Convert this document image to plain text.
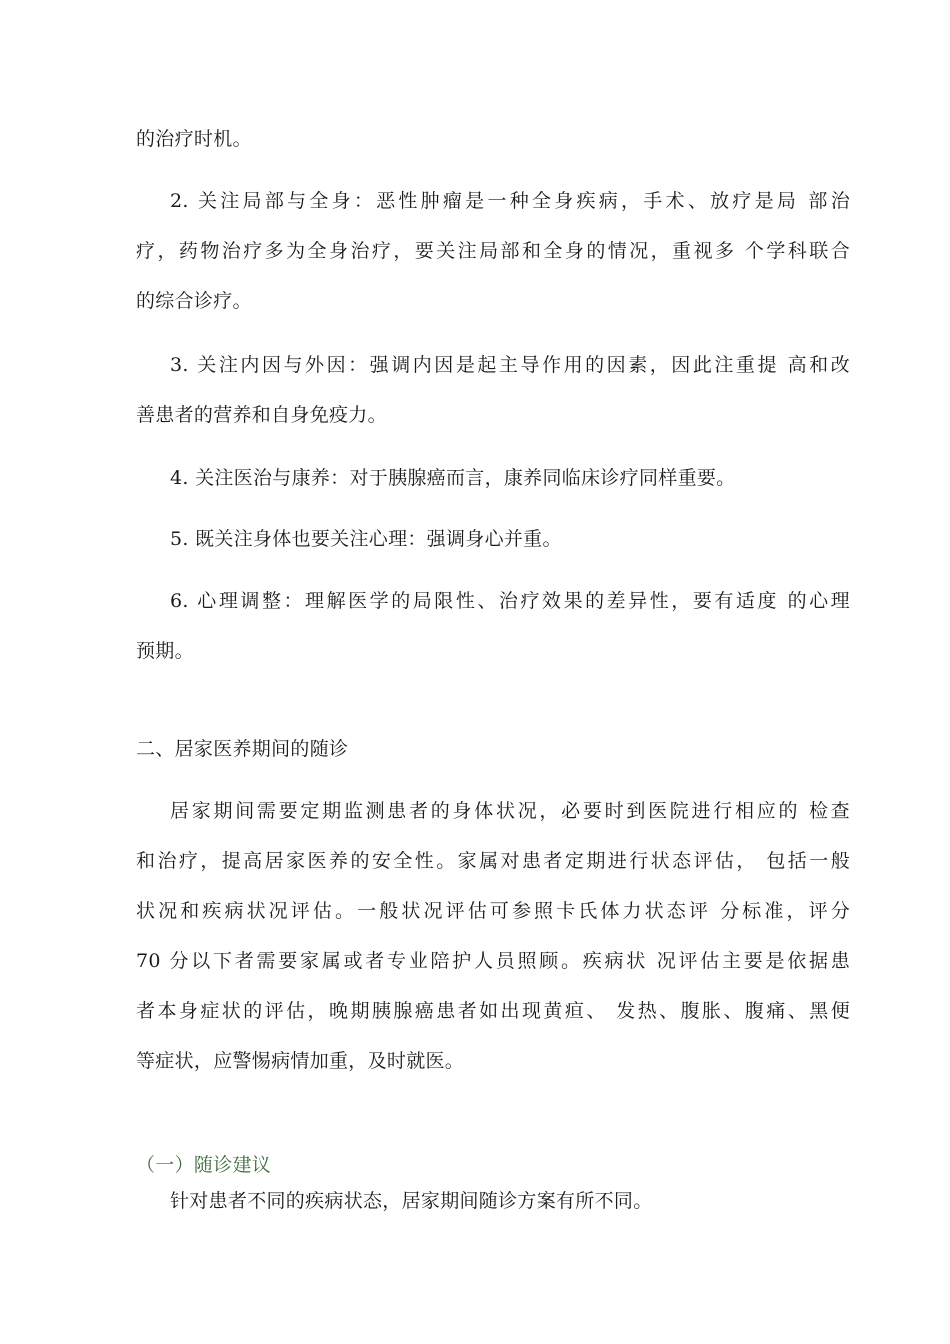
的治疗时机。
2. 关注局部与全身：恶性肿瘤是一种全身疾病，手术、放疗是局 部治
疗，药物治疗多为全身治疗，要关注局部和全身的情况，重视多 个学科联合
的综合诊疗。
3. 关注内因与外因：强调内因是起主导作用的因素，因此注重提 高和改
善患者的营养和自身免疫力。
4. 关注医治与康养：对于胰腺癌而言，康养同临床诊疗同样重要。
5. 既关注身体也要关注心理：强调身心并重。
6. 心理调整：理解医学的局限性、治疗效果的差异性，要有适度 的心理
预期。
二、居家医养期间的随诊
居家期间需要定期监测患者的身体状况，必要时到医院进行相应的 检查
和治疗，提高居家医养的安全性。家属对患者定期进行状态评估， 包括一般
状况和疾病状况评估。一般状况评估可参照卡氏体力状态评 分标准，评分
70 分以下者需要家属或者专业陪护人员照顾。疾病状 况评估主要是依据患
者本身症状的评估，晚期胰腺癌患者如出现黄疸、 发热、腹胀、腹痛、黑便
等症状，应警惕病情加重，及时就医。
（一）随诊建议
针对患者不同的疾病状态，居家期间随诊方案有所不同。
